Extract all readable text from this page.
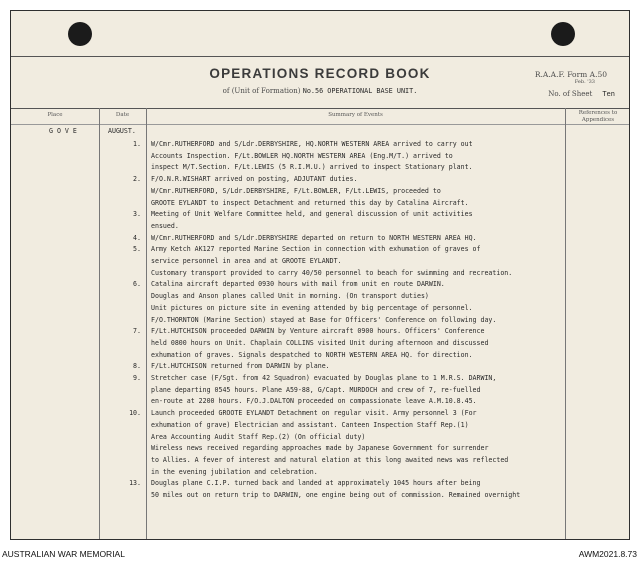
OPERATIONS RECORD BOOK	R.A.A.F. Form A.50
Feb. '33
of (Unit of Formation) No.56 OPERATIONAL BASE UNIT.	No. of Sheet Ten
Place	Date	Summary of Events	References to Appendices
G O V E	AUGUST.
1. W/Cmr.RUTHERFORD and S/Ldr.DERBYSHIRE, HQ.NORTH WESTERN AREA arrived to carry out
Accounts Inspection. F/Lt.BOWLER HQ.NORTH WESTERN AREA (Eng.M/T.) arrived to
inspect M/T.Section. F/Lt.LEWIS (5 R.I.M.U.) arrived to inspect Stationary plant.
2. F/O.N.R.WISHART arrived on posting, ADJUTANT duties.
W/Cmr.RUTHERFORD, S/Ldr.DERBYSHIRE, F/Lt.BOWLER, F/Lt.LEWIS, proceeded to
GROOTE EYLANDT to inspect Detachment and returned this day by Catalina Aircraft.
3. Meeting of Unit Welfare Committee held, and general discussion of unit activities
ensued.
4. W/Cmr.RUTHERFORD and S/Ldr.DERBYSHIRE departed on return to NORTH WESTERN AREA HQ.
5. Army Ketch AK127 reported Marine Section in connection with exhumation of graves of
service personnel in area and at GROOTE EYLANDT.
Customary transport provided to carry 40/50 personnel to beach for swimming and recreation.
6. Catalina aircraft departed 0930 hours with mail from unit en route DARWIN.
Douglas and Anson planes called Unit in morning. (On transport duties)
Unit pictures on picture site in evening attended by big percentage of personnel.
F/O.THORNTON (Marine Section) stayed at Base for Officers' Conference on following day.
7. F/Lt.HUTCHISON proceeded DARWIN by Venture aircraft 0900 hours. Officers' Conference
held 0800 hours on Unit. Chaplain COLLINS visited Unit during afternoon and discussed
exhumation of graves. Signals despatched to NORTH WESTERN AREA HQ. for direction.
8. F/Lt.HUTCHISON returned from DARWIN by plane.
9. Stretcher case (F/Sgt. from 42 Squadron) evacuated by Douglas plane to 1 M.R.S. DARWIN,
plane departing 0545 hours. Plane A59-88, G/Capt. MURDOCH and crew of 7, re-fuelled
en-route at 2200 hours. F/O.J.DALTON proceeded on compassionate leave A.M.10.8.45.
10. Launch proceeded GROOTE EYLANDT Detachment on regular visit. Army personnel 3 (For
exhumation of grave) Electrician and assistant. Canteen Inspection Staff Rep.(1)
Area Accounting Audit Staff Rep.(2) (On official duty)
Wireless news received regarding approaches made by Japanese Government for surrender
to Allies. A fever of interest and natural elation at this long awaited news was reflected
in the evening jubilation and celebration.
13. Douglas plane C.I.P. turned back and landed at approximately 1045 hours after being
50 miles out on return trip to DARWIN, one engine being out of commission. Remained overnight
AUSTRALIAN WAR MEMORIAL	AWM2021.8.73
